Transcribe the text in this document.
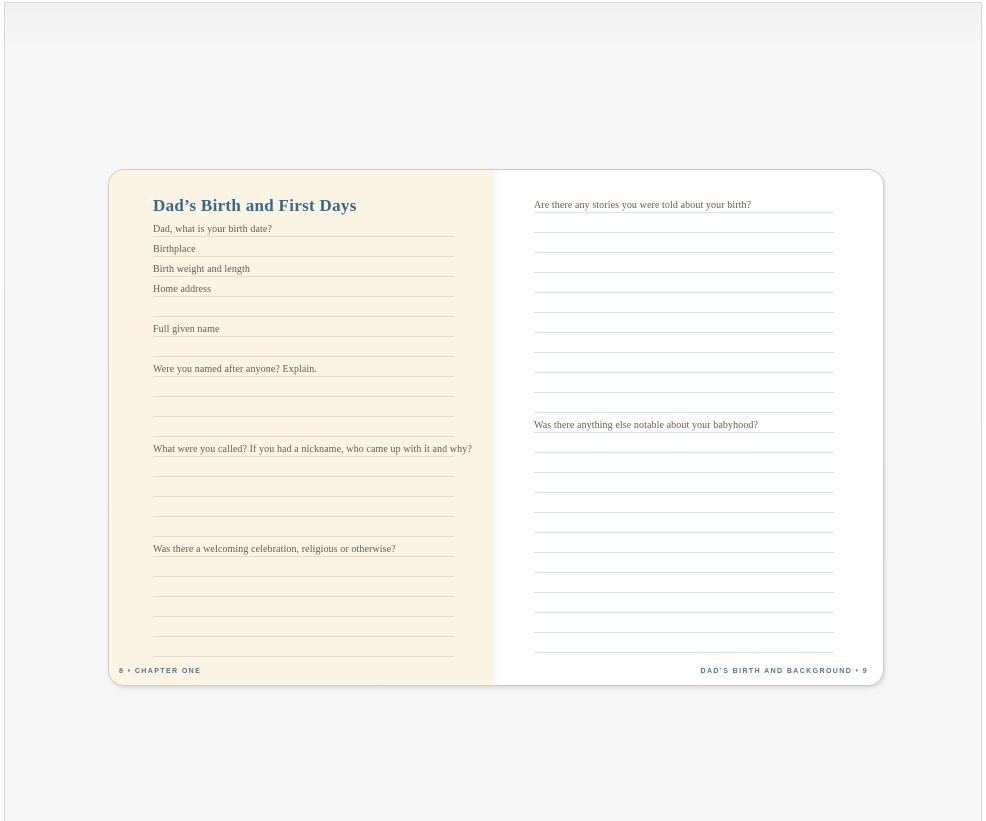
Dad’s Birth and First Days
Dad, what is your birth date?
Birthplace
Birth weight and length
Home address
Full given name
Were you named after anyone? Explain.
What were you called? If you had a nickname, who came up with it and why?
Was there a welcoming celebration, religious or otherwise?
8 • CHAPTER ONE
Are there any stories you were told about your birth?
Was there anything else notable about your babyhood?
DAD’S BIRTH AND BACKGROUND • 9
